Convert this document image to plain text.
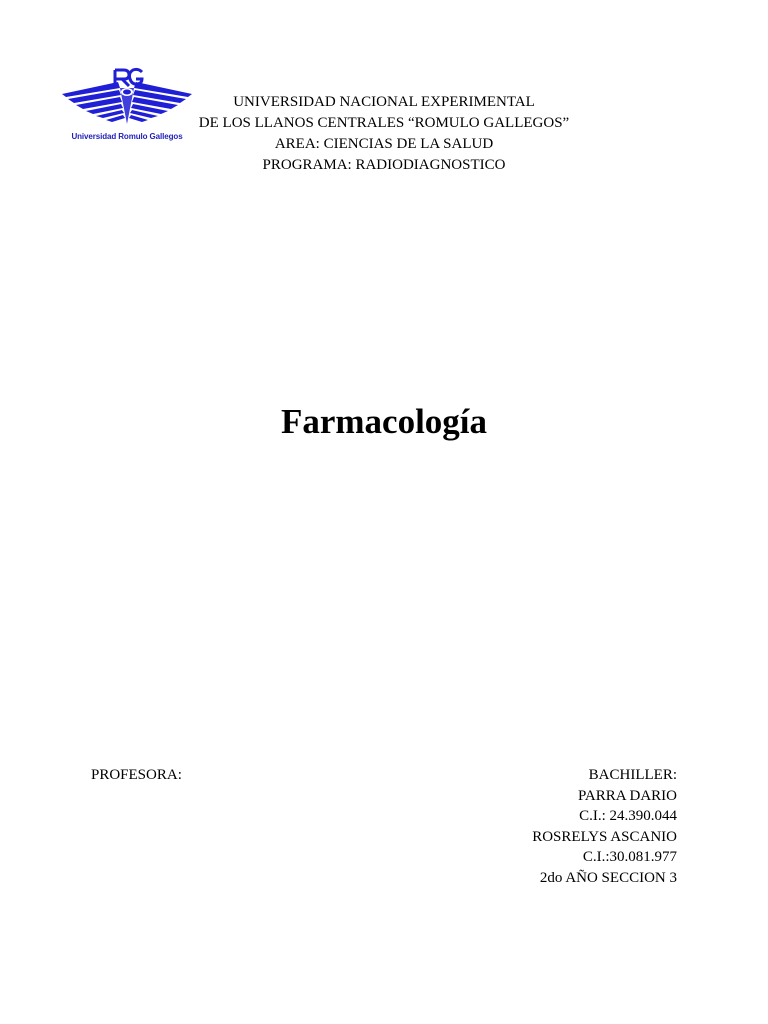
Universidad Romulo Gallegos
UNIVERSIDAD NACIONAL EXPERIMENTAL
DE LOS LLANOS CENTRALES “ROMULO GALLEGOS”
AREA: CIENCIAS DE LA SALUD
PROGRAMA: RADIODIAGNOSTICO
Farmacología
PROFESORA:	BACHILLER:
PARRA DARIO
C.I.: 24.390.044
ROSRELYS ASCANIO
C.I.:30.081.977
2do AÑO SECCION 3
